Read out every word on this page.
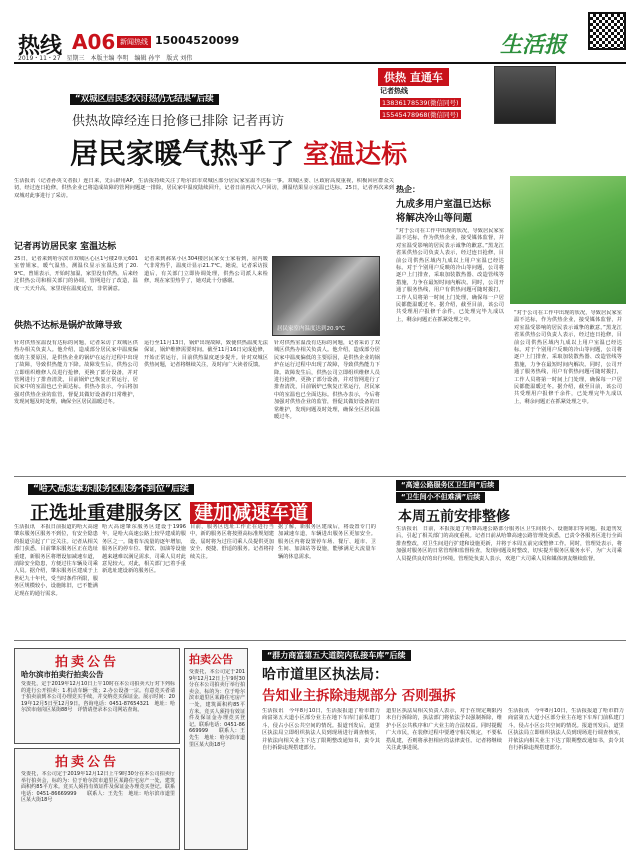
热线 A06 新闻热线 15004520099
2019・11・27　星期三　本版主编 李明　编辑 孙宇　版式 刘伟
生活报
供热 直通车
记者热线
13836178539(微信同号)
15545478968(微信同号)
“双城区居民多次讨热仍无结果”后续
供热故障经连日抢修已排除 记者再访
居民家暖气热乎了 室温达标
生活报讯（记者孙英文者报）连日来，先后辟用AP，生活报持续关注了哈尔滨市双城区部分居民家室温不达标一事。双城区委、区政府高度重视，积极回应群众关切，经过连日抢修，供热企业已将造成故障的管网问题逐一排除，居民家中温度陆续回升，记者日前再次入户回访，测温结果显示室温已达标。25日，记者再次来到双城对此事进行了采访。
记者再访居民家 室温达标
25日，记者来到哈尔滨市双城区心区1号楼2单元601室曾姐家，暖气温热，测温仪显示室温达到了20.9℃。曾姐表示，开始时加温，家里没有供热，后来经过供热公司和相关部门的协调，管网进行了改造，温度一天天升高，家里现在温度适宜，非常满意。
记者来到郝某小区304楼居民家女士家看到，屋内暖气非常热乎，温度计显示21.7℃。她说，记者采访报道后，有关部门立即协调处理，供热公司派人来检修，现在家里热乎了，她对此十分感谢。
居民家室内温度达到20.9℃
供热不达标是锅炉故障导致
针对供热室温没有达标的问题，记者采访了双城区供热办相关负责人。他介绍，造成部分居民家中温度偏低的主要原因，是供热企业的锅炉在运行过程中出现了故障，导致供热能力下降。故障发生后，供热公司立即组织维修人员进行抢修，更换了部分设备，并对管网进行了排查清洗，目前锅炉已恢复正常运行，居民家中的室温也已全面达标。供热办表示，今后将加强对供热企业的监管，督促其做好设备的日常维护，发现问题及时处理，确保全区居民温暖过冬。
运行至11月13日，锅炉出现故障，致使供热温度无法保证，锅炉维修需要时间。截至11月16日完成抢修，开始正常运行，目前供热温度逐步提升。针对双城区供热问题，记者将继续关注，及时向广大读者反馈。
针对供热室温没有达标的问题，记者采访了双城区供热办相关负责人。他介绍，造成部分居民家中温度偏低的主要原因，是供热企业的锅炉在运行过程中出现了故障，导致供热能力下降。故障发生后，供热公司立即组织维修人员进行抢修，更换了部分设备，并对管网进行了排查清洗，目前锅炉已恢复正常运行，居民家中的室温也已全面达标。供热办表示，今后将加强对供热企业的监管，督促其做好设备的日常维护，发现问题及时处理，确保全区居民温暖过冬。
热企：
九成多用户室温已达标
将解决冷山等问题
“对于公司在工作中出现的状况，导致居民家室温不达标，作为供热企业，接受媒体监督，并对室温受影响的居民表示诚挚的歉意。”黑龙江省某供热公司负责人表示，经过连日抢修，目前公司供热区域内九成以上用户室温已经达标。对于个别用户反映的冷山等问题，公司将逐户上门排查，采取加装散热器、改造管线等措施，力争在最短时间内解决。同时，公司开通了服务热线，用户有供热问题可随时拨打，工作人员将第一时间上门处理，确保每一户居民都能温暖过冬。据介绍，截至目前，该公司共受理用户报修千余件，已处理完毕九成以上，剩余问题正在抓紧处理之中。
“对于公司在工作中出现的状况，导致居民家室温不达标，作为供热企业，接受媒体监督，并对室温受影响的居民表示诚挚的歉意。”黑龙江省某供热公司负责人表示，经过连日抢修，目前公司供热区域内九成以上用户室温已经达标。对于个别用户反映的冷山等问题，公司将逐户上门排查，采取加装散热器、改造管线等措施，力争在最短时间内解决。同时，公司开通了服务热线，用户有供热问题可随时拨打，工作人员将第一时间上门处理，确保每一户居民都能温暖过冬。据介绍，截至目前，该公司共受理用户报修千余件，已处理完毕九成以上，剩余问题正在抓紧处理之中。
“哈大高速肇东服务区服务不到位”后续
正选址重建服务区 建加减速车道
生活报讯　本报日前报道的哈大高速肇东服务区服务不到位，有安全隐患的报道引起了广泛关注。记者从相关部门获悉，目前肇东服务区正在选址重建，新服务区将增设加减速车道，消除安全隐患，方便过往车辆及司乘人员。据介绍，肇东服务区建成于上世纪九十年代，受当时条件所限，服务区规模较小，设施陈旧，已不能满足现在的通行需求。
哈大高速肇东服务区建设于1996年，是哈大高速公路上较早建成的服务区之一。随着车流量的逐年增加，服务区的停车位、餐饮、加油等设施越来越难以满足需求，司乘人员对此意见较大。对此，相关部门已着手重新选址建设新的服务区。
目前，服务区选址工作正在进行当中，新的服务区将按照高标准规划建设，届时将为过往司乘人员提供更加安全、便捷、舒适的服务。记者将持续关注。
据了解，新服务区建成后，将设置专门的加减速车道，车辆进出服务区更加安全。服务区内将设置停车场、餐厅、超市、卫生间、加油站等设施，能够满足大流量车辆的休息需求。
“高速公路服务区卫生间”后续
“卫生间小不但难满”后续
本周五前安排整修
生活报讯　日前，本报报道了哈肇高速公路部分服务区卫生间狭小、设施陈旧等问题。报道刊发后，引起了相关部门的高度重视。记者日前从哈肇高速公路管理处获悉，已责令各服务区进行全面排查整改，对卫生间进行扩建和设施更新，并将于本周五前完成整修工作。同时，管理处表示，将加强对服务区的日常管理和监督检查，发现问题及时整改，切实提升服务区服务水平，为广大司乘人员提供良好的出行环境。管理处负责人表示，欢迎广大司乘人员和媒体朋友继续监督。
拍卖公告
哈尔滨市拍卖行拍卖公告
受委托，定于2019年12月10日上午10时在本公司拍卖大厅对下列标的进行公开拍卖：1.机动车辆一批；2.办公设备一宗。有意竞买者请于拍卖前到本公司办理竞买手续，并交纳竞买保证金。展示时间：2019年12月5日至12月9日。咨询电话：0451-87654321　地址：哈尔滨市南岗区某街88号　详情请登录本公司网站查询。
拍卖公告
受委托，本公司定于2019年12月12日上午9时30分在本公司拍卖厅举行拍卖会，标的为：位于哈尔滨市道里区某路住宅房产一处，建筑面积约85平方米。竞买人须持有效证件及保证金办理竞买登记。联系电话：0451-86669999　　联系人：王先生　地址：哈尔滨市道里区某大街18号
拍卖公告
受委托，本公司定于2019年12月12日上午9时30分在本公司拍卖厅举行拍卖会，标的为：位于哈尔滨市道里区某路住宅房产一处，建筑面积约85平方米。竞买人须持有效证件及保证金办理竞买登记。联系电话：0451-86669999　　联系人：王先生　地址：哈尔滨市道里区某大街18号
“群力商富第五大道院内私接车库”后续
哈市道里区执法局：
告知业主拆除违规部分 否则强拆
生活报讯　今年8月10日，生活报报道了哈市群力商富第五大道小区部分业主在地下车库门前私建门斗，侵占小区公共空间的情况。报道刊发后，道里区执法局立即组织执法人员到现场进行调查核实，并依法向相关业主下达了限期整改通知书，责令其自行拆除违规搭建部分。
道里区执法局相关负责人表示，对于在规定期限内未自行拆除的，执法部门将依法予以强制拆除，维护小区公共秩序和广大业主的合法权益。同时提醒广大市民，在装修过程中要遵守相关规定，不要私搭乱建，否则将承担相应的法律责任。记者将继续关注此事进展。
生活报讯　今年8月10日，生活报报道了哈市群力商富第五大道小区部分业主在地下车库门前私建门斗，侵占小区公共空间的情况。报道刊发后，道里区执法局立即组织执法人员到现场进行调查核实，并依法向相关业主下达了限期整改通知书，责令其自行拆除违规搭建部分。
